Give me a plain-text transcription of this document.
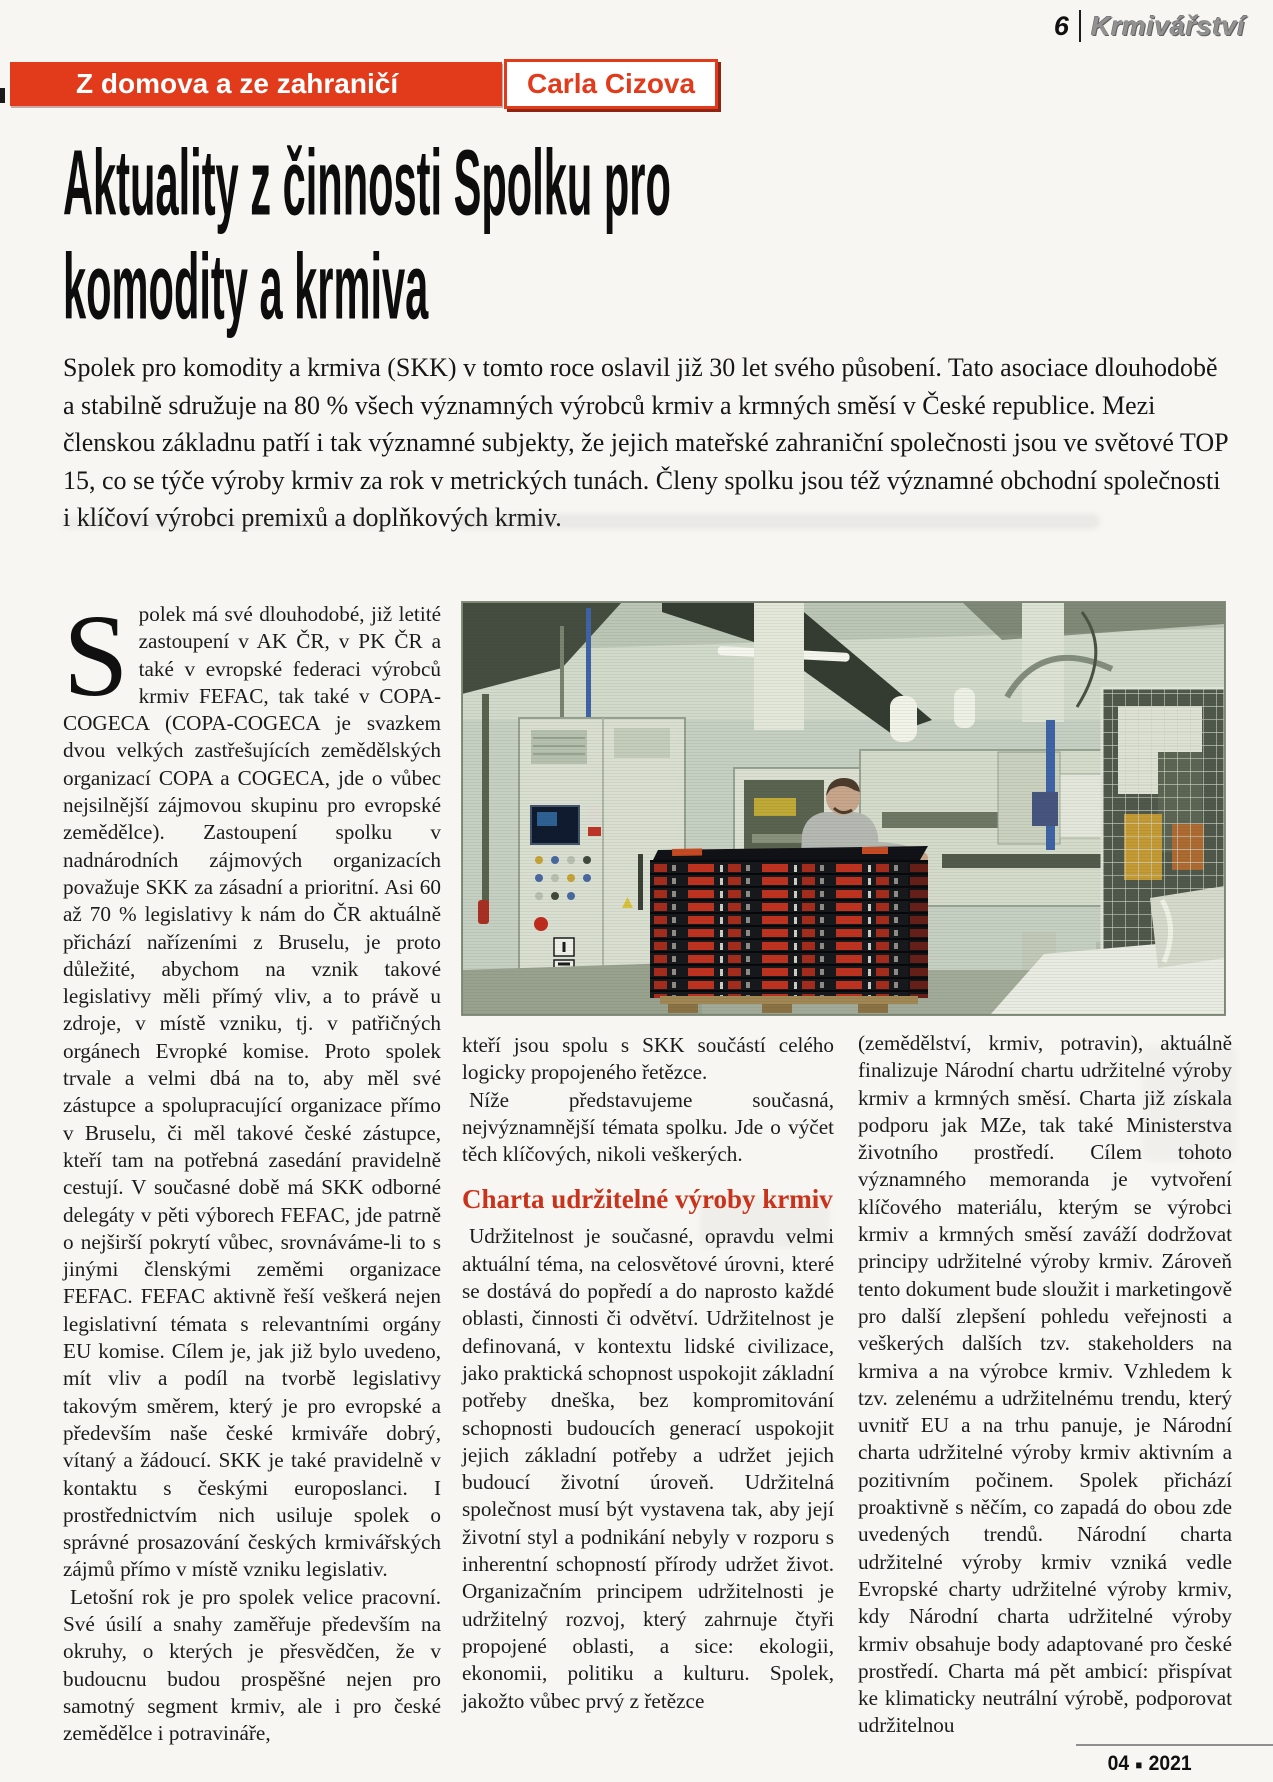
6 Krmivářství
Z domova a ze zahraničí	Carla Cizova
Aktuality z činnosti Spolku pro
komodity a krmiva

Spolek pro komodity a krmiva (SKK) v tomto roce oslavil již 30 let svého působení. Tato asociace dlouhodobě a stabilně sdružuje na 80 % všech významných výrobců krmiv a krmných směsí v České republice. Mezi členskou základnu patří i tak významné subjekty, že jejich mateřské zahraniční společnosti jsou ve světové TOP 15, co se týče výroby krmiv za rok v metrických tunách. Členy spolku jsou též významné obchodní společnosti i klíčoví výrobci premixů a doplňkových krmiv.

Spolek má své dlouhodobé, již letité zastoupení v AK ČR, v PK ČR a také v evropské federaci výrobců krmiv FEFAC, tak také v COPA-COGECA (COPA-COGECA je svazkem dvou velkých zastřešujících zemědělských organizací COPA a COGECA, jde o vůbec nejsilnější zájmovou skupinu pro evropské zemědělce). Zastoupení spolku v nadnárodních zájmových organizacích považuje SKK za zásadní a prioritní. Asi 60 až 70 % legislativy k nám do ČR aktuálně přichází nařízeními z Bruselu, je proto důležité, abychom na vznik takové legislativy měli přímý vliv, a to právě u zdroje, v místě vzniku, tj. v patřičných orgánech Evropké komise. Proto spolek trvale a velmi dbá na to, aby měl své zástupce a spolupracující organizace přímo v Bruselu, či měl takové české zástupce, kteří tam na potřebná zasedání pravidelně cestují. V současné době má SKK odborné delegáty v pěti výborech FEFAC, jde patrně o nejširší pokrytí vůbec, srovnáváme-li to s jinými členskými zeměmi organizace FEFAC. FEFAC aktivně řeší veškerá nejen legislativní témata s relevantními orgány EU komise. Cílem je, jak již bylo uvedeno, mít vliv a podíl na tvorbě legislativy takovým směrem, který je pro evropské a především naše české krmiváře dobrý, vítaný a žádoucí. SKK je také pravidelně v kontaktu s českými europoslanci. I prostřednictvím nich usiluje spolek o správné prosazování českých krmivářských zájmů přímo v místě vzniku legislativ.

Letošní rok je pro spolek velice pracovní. Své úsilí a snahy zaměřuje především na okruhy, o kterých je přesvědčen, že v budoucnu budou prospěšné nejen pro samotný segment krmiv, ale i pro české zemědělce i potravináře,

kteří jsou spolu s SKK součástí celého logicky propojeného řetězce.

Níže představujeme současná, nejvýznamnější témata spolku. Jde o výčet těch klíčových, nikoli veškerých.

Charta udržitelné výroby krmiv

Udržitelnost je současné, opravdu velmi aktuální téma, na celosvětové úrovni, které se dostává do popředí a do naprosto každé oblasti, činnosti či odvětví. Udržitelnost je definovaná, v kontextu lidské civilizace, jako praktická schopnost uspokojit základní potřeby dneška, bez kompromitování schopnosti budoucích generací uspokojit jejich základní potřeby a udržet jejich budoucí životní úroveň. Udržitelná společnost musí být vystavena tak, aby její životní styl a podnikání nebyly v rozporu s inherentní schopností přírody udržet život. Organizačním principem udržitelnosti je udržitelný rozvoj, který zahrnuje čtyři propojené oblasti, a sice: ekologii, ekonomii, politiku a kulturu. Spolek, jakožto vůbec prvý z řetězce

(zemědělství, krmiv, potravin), aktuálně finalizuje Národní chartu udržitelné výroby krmiv a krmných směsí. Charta již získala podporu jak MZe, tak také Ministerstva životního prostředí. Cílem tohoto významného memoranda je vytvoření klíčového materiálu, kterým se výrobci krmiv a krmných směsí zaváží dodržovat principy udržitelné výroby krmiv. Zároveň tento dokument bude sloužit i marketingově pro další zlepšení pohledu veřejnosti a veškerých dalších tzv. stakeholders na krmiva a na výrobce krmiv. Vzhledem k tzv. zelenému a udržitelnému trendu, který uvnitř EU a na trhu panuje, je Národní charta udržitelné výroby krmiv aktivním a pozitivním počinem. Spolek přichází proaktivně s něčím, co zapadá do obou zde uvedených trendů. Národní charta udržitelné výroby krmiv vzniká vedle Evropské charty udržitelné výroby krmiv, kdy Národní charta udržitelné výroby krmiv obsahuje body adaptované pro české prostředí. Charta má pět ambicí: přispívat ke klimaticky neutrální výrobě, podporovat udržitelnou

04 ■ 2021
